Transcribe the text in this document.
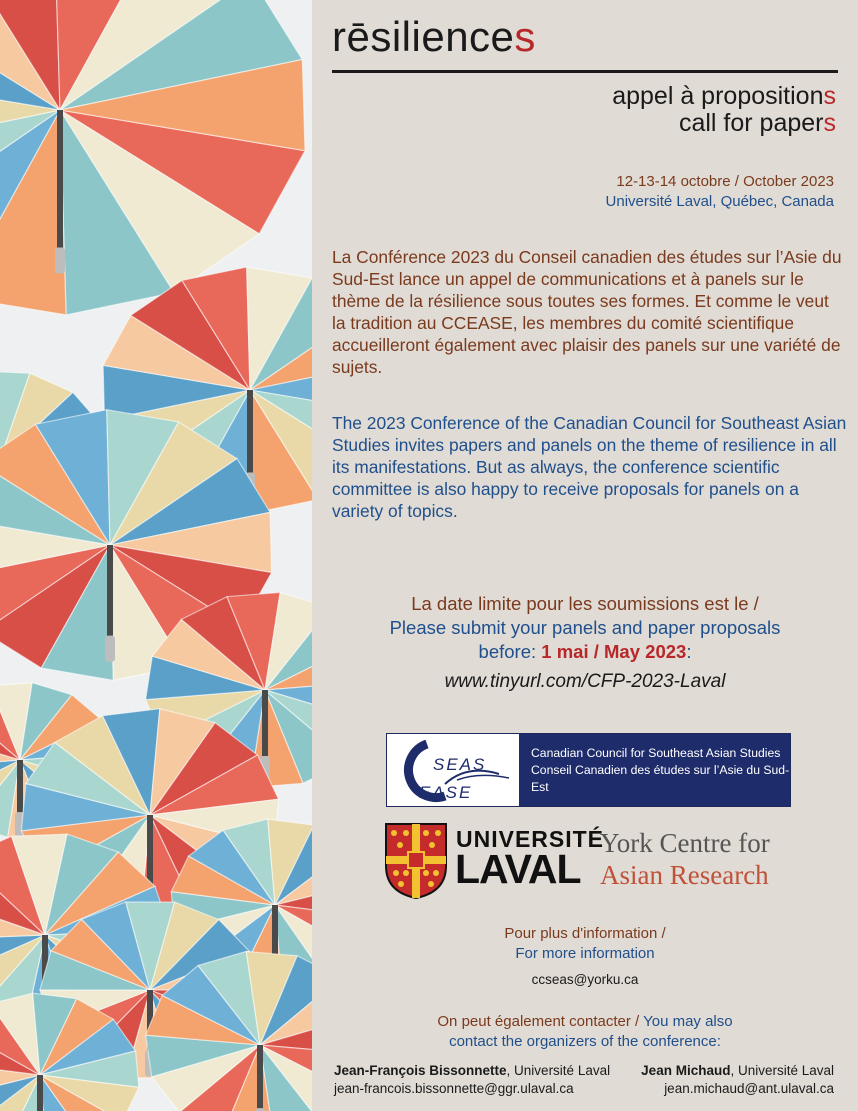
rēsiliences
appel à propositions
call for papers
12-13-14 octobre / October 2023
Université Laval, Québec, Canada
La Conférence 2023 du Conseil canadien des études sur l’Asie du Sud-Est lance un appel de communications et à panels sur le thème de la résilience sous toutes ses formes. Et comme le veut la tradition au CCEASE, les membres du comité scientifique accueilleront également avec plaisir des panels sur une variété de sujets.
The 2023 Conference of the Canadian Council for Southeast Asian Studies invites papers and panels on the theme of resilience in all its manifestations. But as always, the conference scientific committee is also happy to receive proposals for panels on a variety of topics.
La date limite pour les soumissions est le /
Please submit your panels and paper proposals
before: 1 mai / May 2023:
www.tinyurl.com/CFP-2023-Laval
SEAS
EASE
Canadian Council for Southeast Asian Studies
Conseil Canadien des études sur l’Asie du Sud-Est
UNIVERSITÉ
LAVAL
York Centre for
Asian Research
Pour plus d'information /
For more information
ccseas@yorku.ca
On peut également contacter / You may also
contact the organizers of the conference:
Jean-François Bissonnette, Université Laval
jean-francois.bissonnette@ggr.ulaval.ca
Jean Michaud, Université Laval
jean.michaud@ant.ulaval.ca
